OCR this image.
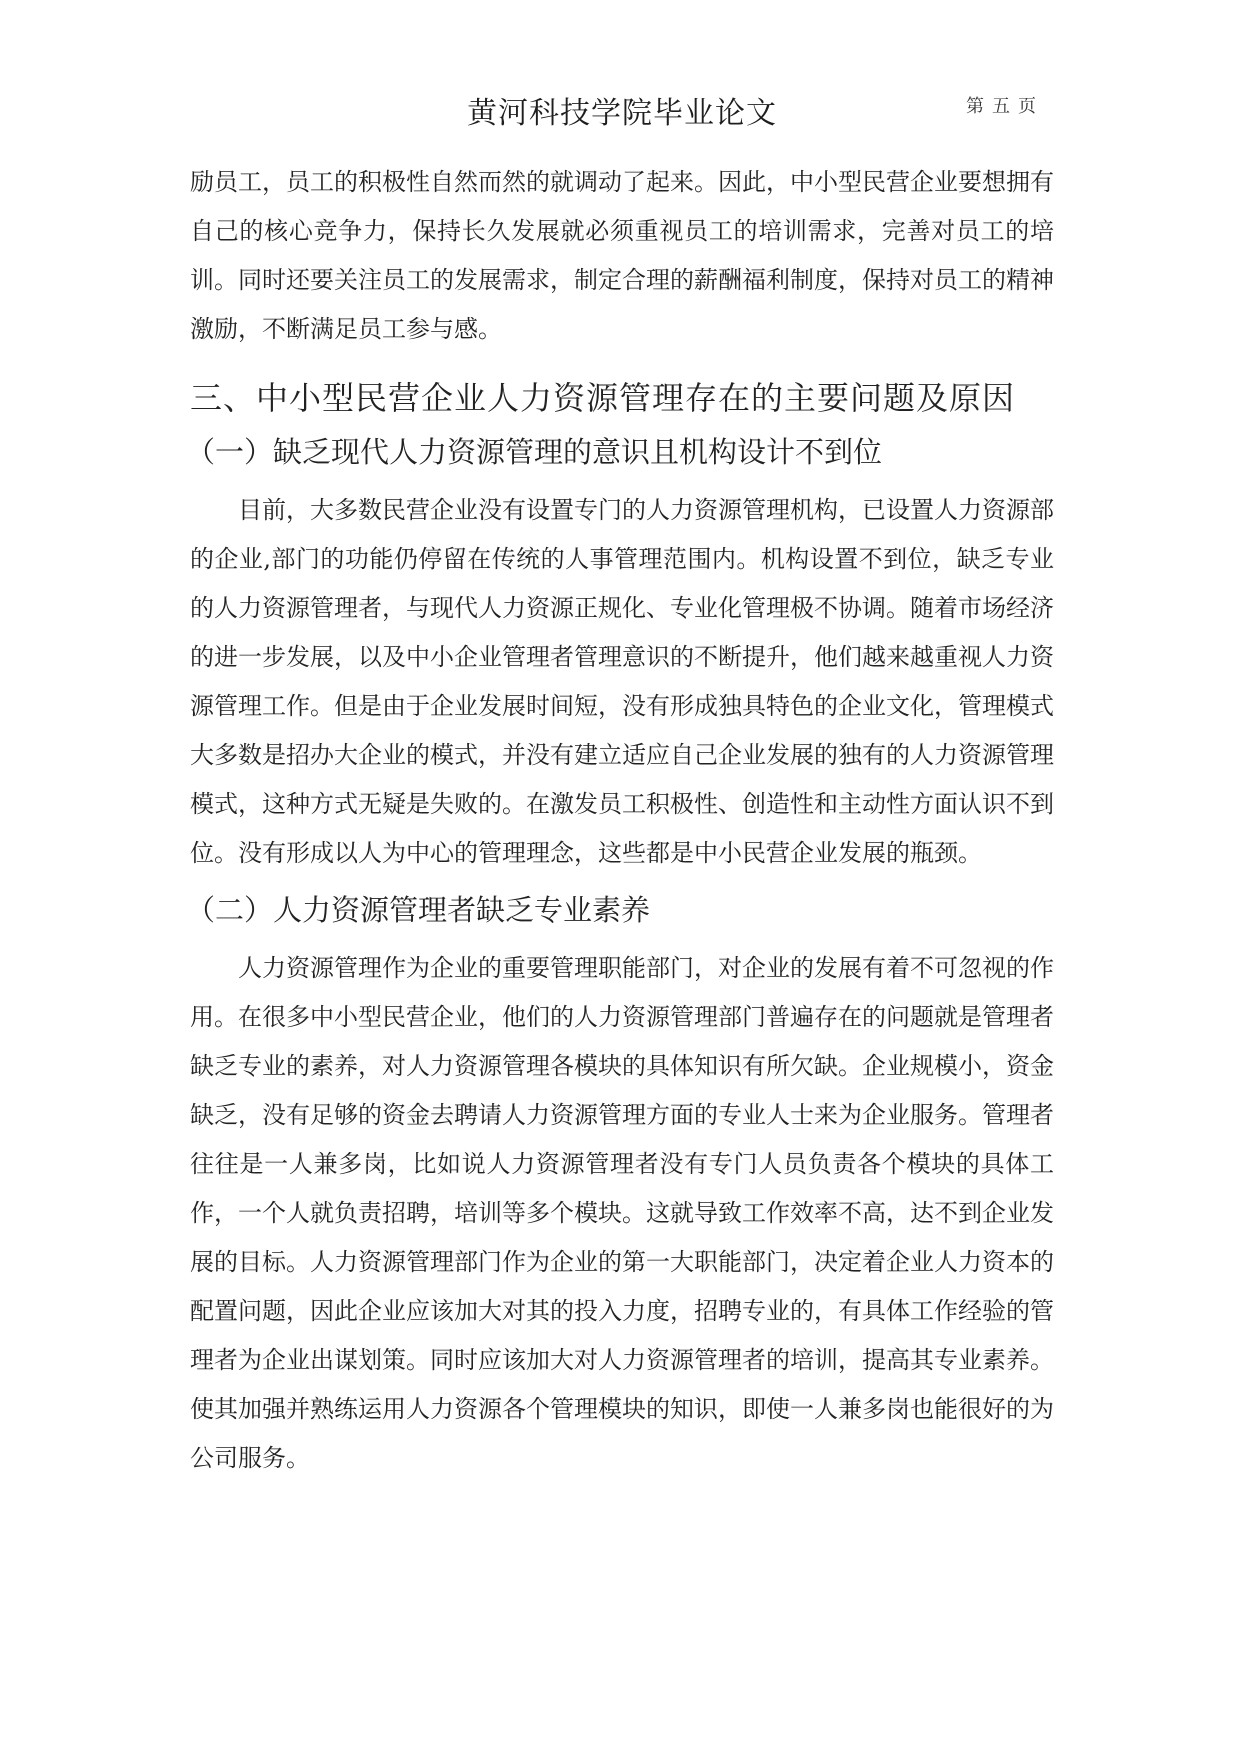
黄河科技学院毕业论文	第五页

励员工，员工的积极性自然而然的就调动了起来。因此，中小型民营企业要想拥有自己的核心竞争力，保持长久发展就必须重视员工的培训需求，完善对员工的培训。同时还要关注员工的发展需求，制定合理的薪酬福利制度，保持对员工的精神激励，不断满足员工参与感。

三、中小型民营企业人力资源管理存在的主要问题及原因
（一）缺乏现代人力资源管理的意识且机构设计不到位

目前，大多数民营企业没有设置专门的人力资源管理机构，已设置人力资源部的企业,部门的功能仍停留在传统的人事管理范围内。机构设置不到位，缺乏专业的人力资源管理者，与现代人力资源正规化、专业化管理极不协调。随着市场经济的进一步发展，以及中小企业管理者管理意识的不断提升，他们越来越重视人力资源管理工作。但是由于企业发展时间短，没有形成独具特色的企业文化，管理模式大多数是招办大企业的模式，并没有建立适应自己企业发展的独有的人力资源管理模式，这种方式无疑是失败的。在激发员工积极性、创造性和主动性方面认识不到位。没有形成以人为中心的管理理念，这些都是中小民营企业发展的瓶颈。

（二）人力资源管理者缺乏专业素养

人力资源管理作为企业的重要管理职能部门，对企业的发展有着不可忽视的作用。在很多中小型民营企业，他们的人力资源管理部门普遍存在的问题就是管理者缺乏专业的素养，对人力资源管理各模块的具体知识有所欠缺。企业规模小，资金缺乏，没有足够的资金去聘请人力资源管理方面的专业人士来为企业服务。管理者往往是一人兼多岗，比如说人力资源管理者没有专门人员负责各个模块的具体工作，一个人就负责招聘，培训等多个模块。这就导致工作效率不高，达不到企业发展的目标。人力资源管理部门作为企业的第一大职能部门，决定着企业人力资本的配置问题，因此企业应该加大对其的投入力度，招聘专业的，有具体工作经验的管理者为企业出谋划策。同时应该加大对人力资源管理者的培训，提高其专业素养。使其加强并熟练运用人力资源各个管理模块的知识，即使一人兼多岗也能很好的为公司服务。
